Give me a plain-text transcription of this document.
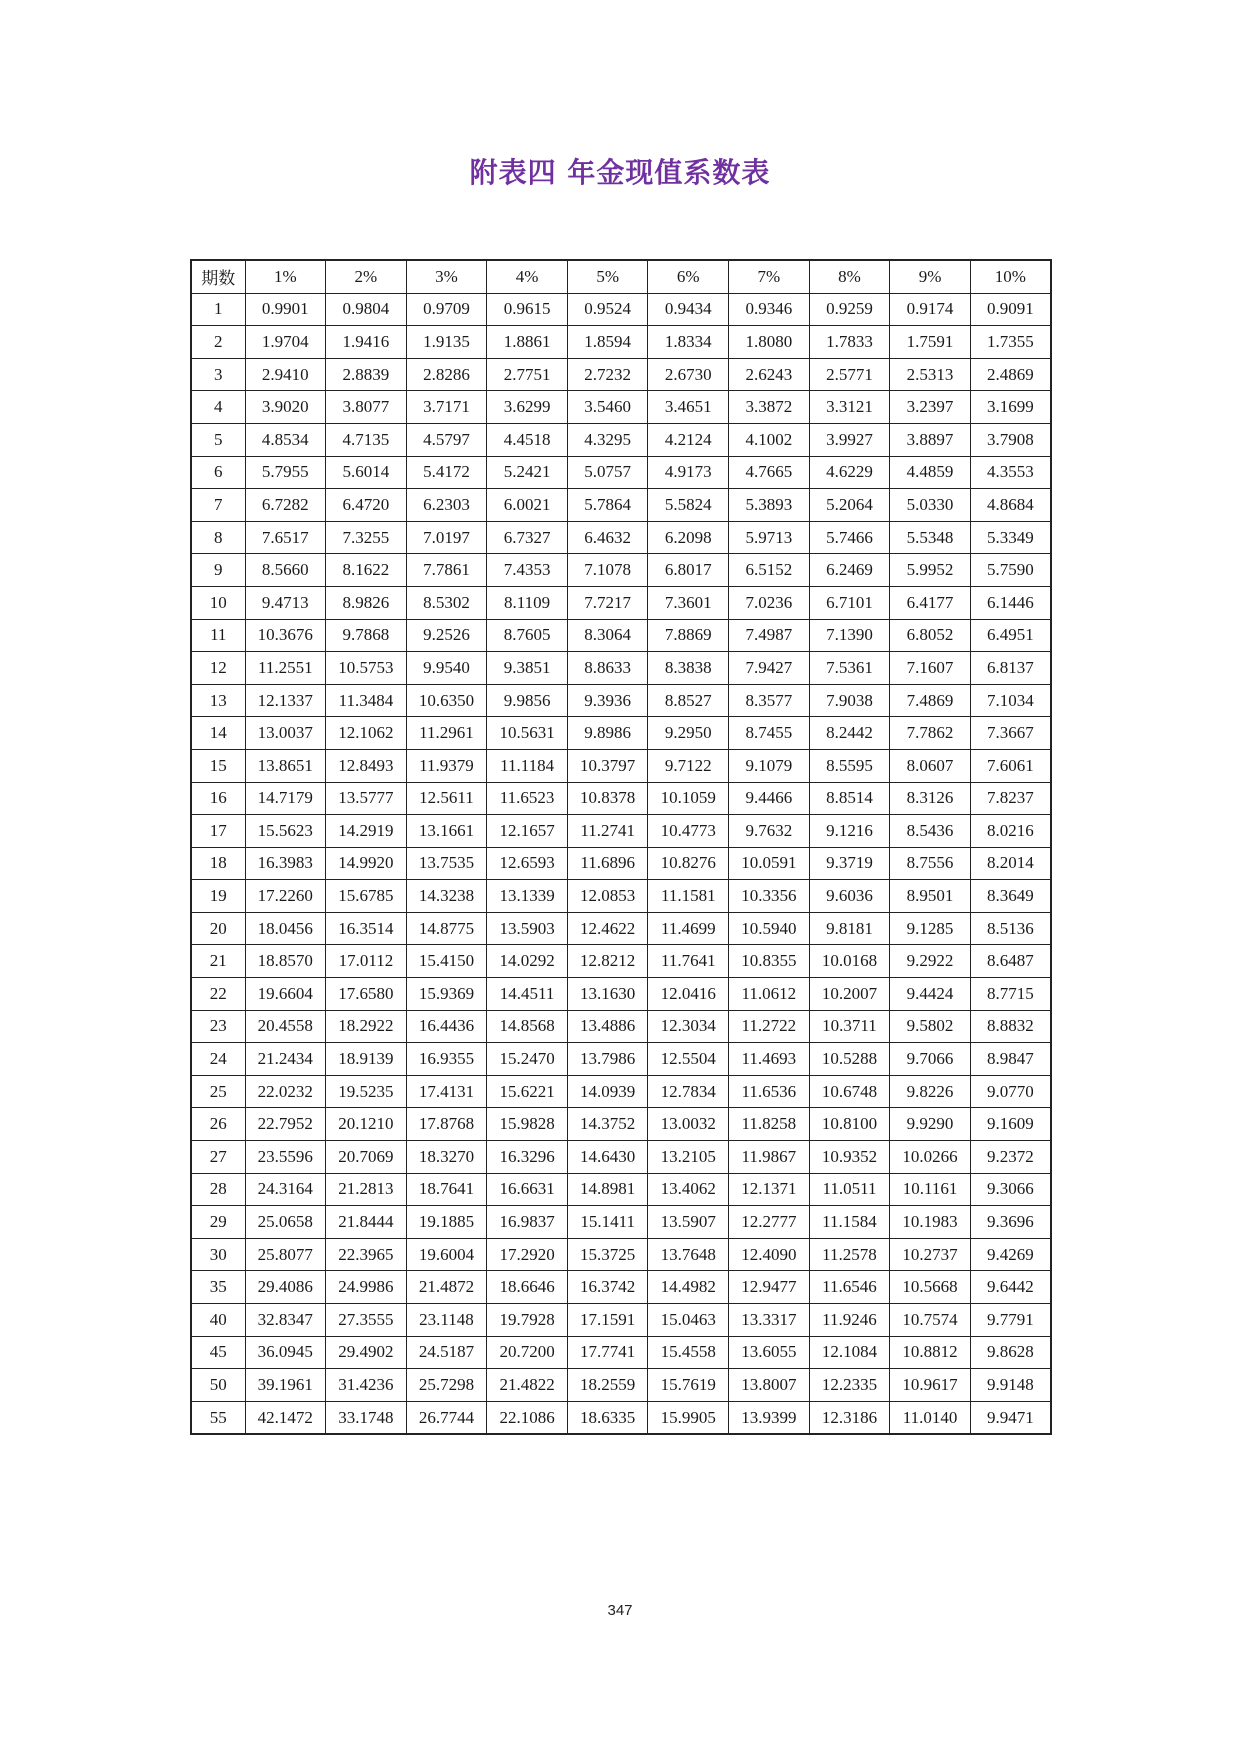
附表四 年金现值系数表
期数	1%	2%	3%	4%	5%	6%	7%	8%	9%	10%
1	0.9901	0.9804	0.9709	0.9615	0.9524	0.9434	0.9346	0.9259	0.9174	0.9091
2	1.9704	1.9416	1.9135	1.8861	1.8594	1.8334	1.8080	1.7833	1.7591	1.7355
3	2.9410	2.8839	2.8286	2.7751	2.7232	2.6730	2.6243	2.5771	2.5313	2.4869
4	3.9020	3.8077	3.7171	3.6299	3.5460	3.4651	3.3872	3.3121	3.2397	3.1699
5	4.8534	4.7135	4.5797	4.4518	4.3295	4.2124	4.1002	3.9927	3.8897	3.7908
6	5.7955	5.6014	5.4172	5.2421	5.0757	4.9173	4.7665	4.6229	4.4859	4.3553
7	6.7282	6.4720	6.2303	6.0021	5.7864	5.5824	5.3893	5.2064	5.0330	4.8684
8	7.6517	7.3255	7.0197	6.7327	6.4632	6.2098	5.9713	5.7466	5.5348	5.3349
9	8.5660	8.1622	7.7861	7.4353	7.1078	6.8017	6.5152	6.2469	5.9952	5.7590
10	9.4713	8.9826	8.5302	8.1109	7.7217	7.3601	7.0236	6.7101	6.4177	6.1446
11	10.3676	9.7868	9.2526	8.7605	8.3064	7.8869	7.4987	7.1390	6.8052	6.4951
12	11.2551	10.5753	9.9540	9.3851	8.8633	8.3838	7.9427	7.5361	7.1607	6.8137
13	12.1337	11.3484	10.6350	9.9856	9.3936	8.8527	8.3577	7.9038	7.4869	7.1034
14	13.0037	12.1062	11.2961	10.5631	9.8986	9.2950	8.7455	8.2442	7.7862	7.3667
15	13.8651	12.8493	11.9379	11.1184	10.3797	9.7122	9.1079	8.5595	8.0607	7.6061
16	14.7179	13.5777	12.5611	11.6523	10.8378	10.1059	9.4466	8.8514	8.3126	7.8237
17	15.5623	14.2919	13.1661	12.1657	11.2741	10.4773	9.7632	9.1216	8.5436	8.0216
18	16.3983	14.9920	13.7535	12.6593	11.6896	10.8276	10.0591	9.3719	8.7556	8.2014
19	17.2260	15.6785	14.3238	13.1339	12.0853	11.1581	10.3356	9.6036	8.9501	8.3649
20	18.0456	16.3514	14.8775	13.5903	12.4622	11.4699	10.5940	9.8181	9.1285	8.5136
21	18.8570	17.0112	15.4150	14.0292	12.8212	11.7641	10.8355	10.0168	9.2922	8.6487
22	19.6604	17.6580	15.9369	14.4511	13.1630	12.0416	11.0612	10.2007	9.4424	8.7715
23	20.4558	18.2922	16.4436	14.8568	13.4886	12.3034	11.2722	10.3711	9.5802	8.8832
24	21.2434	18.9139	16.9355	15.2470	13.7986	12.5504	11.4693	10.5288	9.7066	8.9847
25	22.0232	19.5235	17.4131	15.6221	14.0939	12.7834	11.6536	10.6748	9.8226	9.0770
26	22.7952	20.1210	17.8768	15.9828	14.3752	13.0032	11.8258	10.8100	9.9290	9.1609
27	23.5596	20.7069	18.3270	16.3296	14.6430	13.2105	11.9867	10.9352	10.0266	9.2372
28	24.3164	21.2813	18.7641	16.6631	14.8981	13.4062	12.1371	11.0511	10.1161	9.3066
29	25.0658	21.8444	19.1885	16.9837	15.1411	13.5907	12.2777	11.1584	10.1983	9.3696
30	25.8077	22.3965	19.6004	17.2920	15.3725	13.7648	12.4090	11.2578	10.2737	9.4269
35	29.4086	24.9986	21.4872	18.6646	16.3742	14.4982	12.9477	11.6546	10.5668	9.6442
40	32.8347	27.3555	23.1148	19.7928	17.1591	15.0463	13.3317	11.9246	10.7574	9.7791
45	36.0945	29.4902	24.5187	20.7200	17.7741	15.4558	13.6055	12.1084	10.8812	9.8628
50	39.1961	31.4236	25.7298	21.4822	18.2559	15.7619	13.8007	12.2335	10.9617	9.9148
55	42.1472	33.1748	26.7744	22.1086	18.6335	15.9905	13.9399	12.3186	11.0140	9.9471
347
